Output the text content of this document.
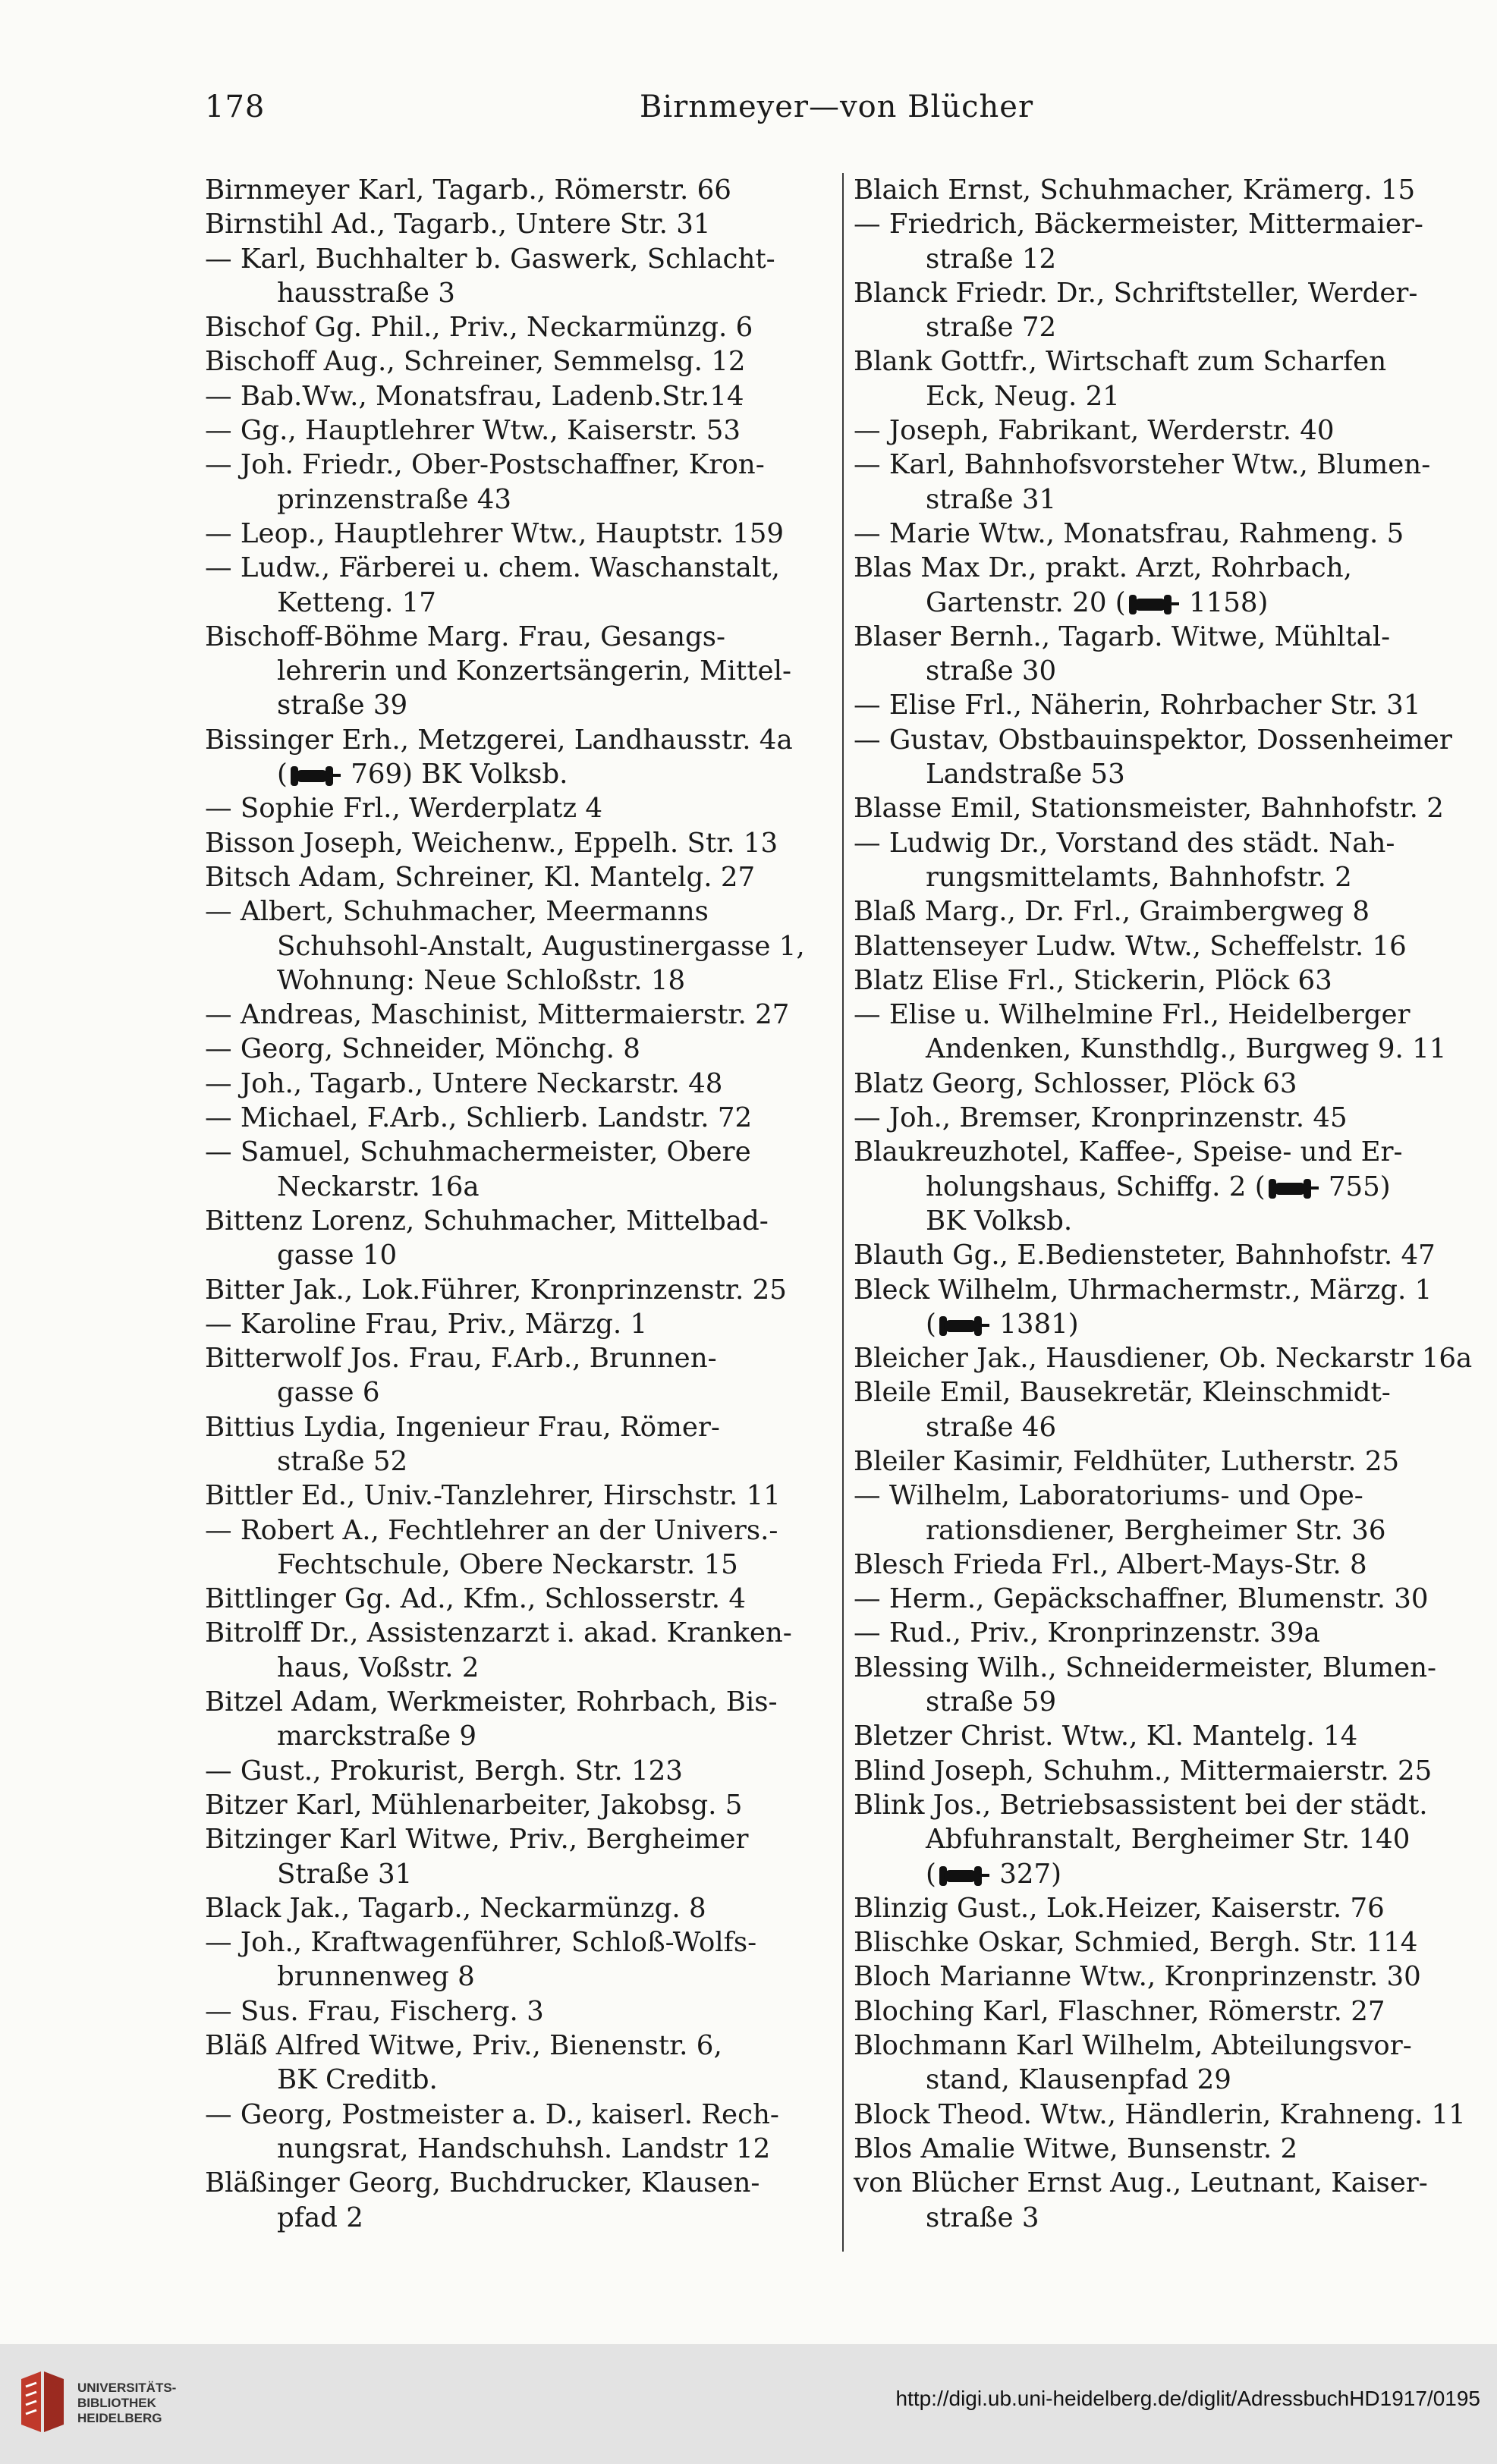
178	Birnmeyer—von Blücher
Birnmeyer Karl, Tagarb., Römerstr. 66
Birnstihl Ad., Tagarb., Untere Str. 31
— Karl, Buchhalter b. Gaswerk, Schlacht-
hausstraße 3
Bischof Gg. Phil., Priv., Neckarmünzg. 6
Bischoff Aug., Schreiner, Semmelsg. 12
— Bab.Ww., Monatsfrau, Ladenb.Str.14
— Gg., Hauptlehrer Wtw., Kaiserstr. 53
— Joh. Friedr., Ober-Postschaffner, Kron-
prinzenstraße 43
— Leop., Hauptlehrer Wtw., Hauptstr. 159
— Ludw., Färberei u. chem. Waschanstalt,
Ketteng. 17
Bischoff-Böhme Marg. Frau, Gesangs-
lehrerin und Konzertsängerin, Mittel-
straße 39
Bissinger Erh., Metzgerei, Landhausstr. 4a
(
769) BK Volksb.
— Sophie Frl., Werderplatz 4
Bisson Joseph, Weichenw., Eppelh. Str. 13
Bitsch Adam, Schreiner, Kl. Mantelg. 27
— Albert, Schuhmacher, Meermanns
Schuhsohl-Anstalt, Augustinergasse 1,
Wohnung: Neue Schloßstr. 18
— Andreas, Maschinist, Mittermaierstr. 27
— Georg, Schneider, Mönchg. 8
— Joh., Tagarb., Untere Neckarstr. 48
— Michael, F.Arb., Schlierb. Landstr. 72
— Samuel, Schuhmachermeister, Obere
Neckarstr. 16a
Bittenz Lorenz, Schuhmacher, Mittelbad-
gasse 10
Bitter Jak., Lok.Führer, Kronprinzenstr. 25
— Karoline Frau, Priv., Märzg. 1
Bitterwolf Jos. Frau, F.Arb., Brunnen-
gasse 6
Bittius Lydia, Ingenieur Frau, Römer-
straße 52
Bittler Ed., Univ.-Tanzlehrer, Hirschstr. 11
— Robert A., Fechtlehrer an der Univers.-
Fechtschule, Obere Neckarstr. 15
Bittlinger Gg. Ad., Kfm., Schlosserstr. 4
Bitrolff Dr., Assistenzarzt i. akad. Kranken-
haus, Voßstr. 2
Bitzel Adam, Werkmeister, Rohrbach, Bis-
marckstraße 9
— Gust., Prokurist, Bergh. Str. 123
Bitzer Karl, Mühlenarbeiter, Jakobsg. 5
Bitzinger Karl Witwe, Priv., Bergheimer
Straße 31
Black Jak., Tagarb., Neckarmünzg. 8
— Joh., Kraftwagenführer, Schloß-Wolfs-
brunnenweg 8
— Sus. Frau, Fischerg. 3
Bläß Alfred Witwe, Priv., Bienenstr. 6,
BK Creditb.
— Georg, Postmeister a. D., kaiserl. Rech-
nungsrat, Handschuhsh. Landstr 12
Bläßinger Georg, Buchdrucker, Klausen-
pfad 2
Blaich Ernst, Schuhmacher, Krämerg. 15
— Friedrich, Bäckermeister, Mittermaier-
straße 12
Blanck Friedr. Dr., Schriftsteller, Werder-
straße 72
Blank Gottfr., Wirtschaft zum Scharfen
Eck, Neug. 21
— Joseph, Fabrikant, Werderstr. 40
— Karl, Bahnhofsvorsteher Wtw., Blumen-
straße 31
— Marie Wtw., Monatsfrau, Rahmeng. 5
Blas Max Dr., prakt. Arzt, Rohrbach,
Gartenstr. 20 (
1158)
Blaser Bernh., Tagarb. Witwe, Mühltal-
straße 30
— Elise Frl., Näherin, Rohrbacher Str. 31
— Gustav, Obstbauinspektor, Dossenheimer
Landstraße 53
Blasse Emil, Stationsmeister, Bahnhofstr. 2
— Ludwig Dr., Vorstand des städt. Nah-
rungsmittelamts, Bahnhofstr. 2
Blaß Marg., Dr. Frl., Graimbergweg 8
Blattenseyer Ludw. Wtw., Scheffelstr. 16
Blatz Elise Frl., Stickerin, Plöck 63
— Elise u. Wilhelmine Frl., Heidelberger
Andenken, Kunsthdlg., Burgweg 9. 11
Blatz Georg, Schlosser, Plöck 63
— Joh., Bremser, Kronprinzenstr. 45
Blaukreuzhotel, Kaffee-, Speise- und Er-
holungshaus, Schiffg. 2 (
755)
BK Volksb.
Blauth Gg., E.Bediensteter, Bahnhofstr. 47
Bleck Wilhelm, Uhrmachermstr., Märzg. 1
(
1381)
Bleicher Jak., Hausdiener, Ob. Neckarstr 16a
Bleile Emil, Bausekretär, Kleinschmidt-
straße 46
Bleiler Kasimir, Feldhüter, Lutherstr. 25
— Wilhelm, Laboratoriums- und Ope-
rationsdiener, Bergheimer Str. 36
Blesch Frieda Frl., Albert-Mays-Str. 8
— Herm., Gepäckschaffner, Blumenstr. 30
— Rud., Priv., Kronprinzenstr. 39a
Blessing Wilh., Schneidermeister, Blumen-
straße 59
Bletzer Christ. Wtw., Kl. Mantelg. 14
Blind Joseph, Schuhm., Mittermaierstr. 25
Blink Jos., Betriebsassistent bei der städt.
Abfuhranstalt, Bergheimer Str. 140
(
327)
Blinzig Gust., Lok.Heizer, Kaiserstr. 76
Blischke Oskar, Schmied, Bergh. Str. 114
Bloch Marianne Wtw., Kronprinzenstr. 30
Bloching Karl, Flaschner, Römerstr. 27
Blochmann Karl Wilhelm, Abteilungsvor-
stand, Klausenpfad 29
Block Theod. Wtw., Händlerin, Krahneng. 11
Blos Amalie Witwe, Bunsenstr. 2
von Blücher Ernst Aug., Leutnant, Kaiser-
straße 3
UNIVERSITÄTS-
BIBLIOTHEK
HEIDELBERG
http://digi.ub.uni-heidelberg.de/diglit/AdressbuchHD1917/0195
